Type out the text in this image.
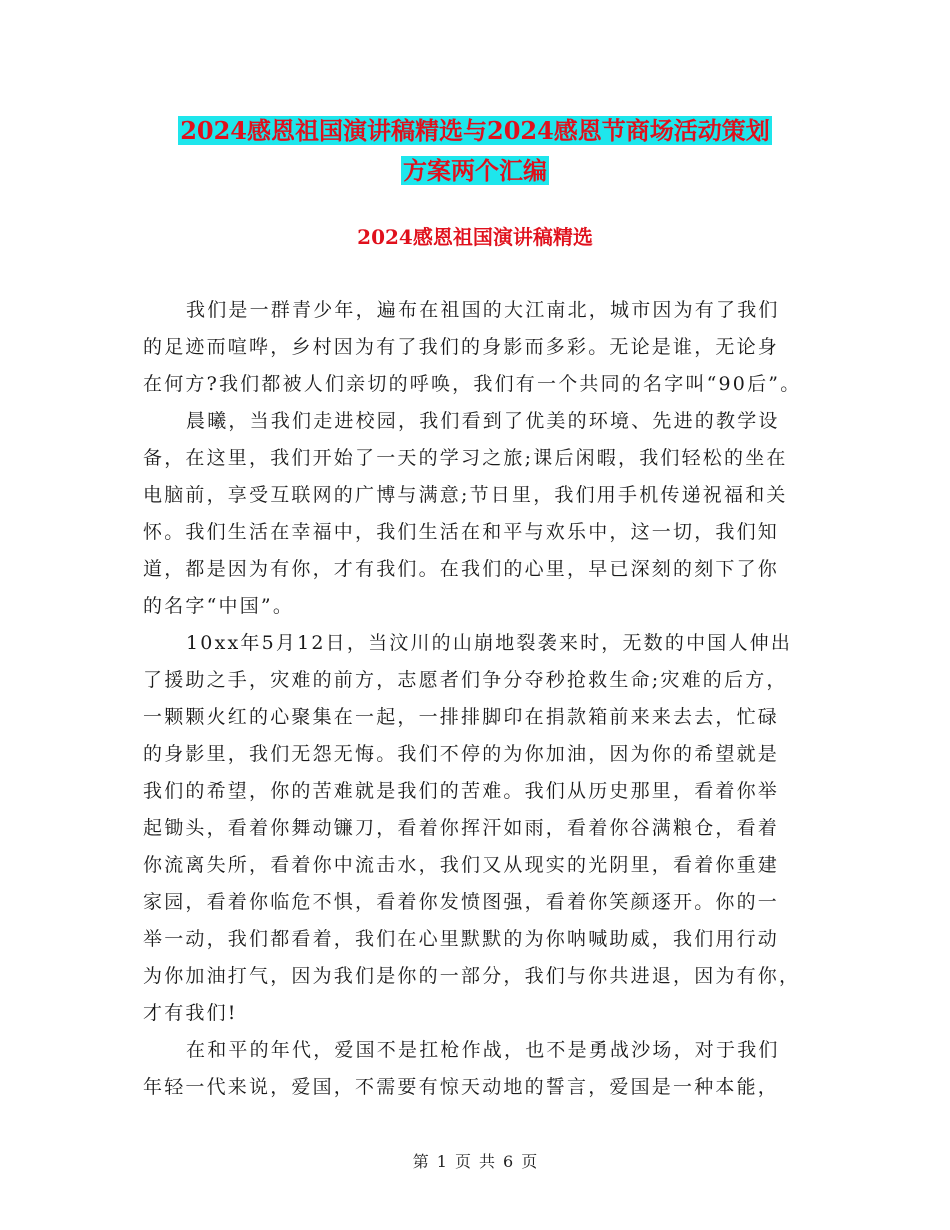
2024感恩祖国演讲稿精选与2024感恩节商场活动策划
方案两个汇编
2024感恩祖国演讲稿精选
我们是一群青少年，遍布在祖国的大江南北，城市因为有了我们
的足迹而喧哗，乡村因为有了我们的身影而多彩。无论是谁，无论身
在何方?我们都被人们亲切的呼唤，我们有一个共同的名字叫“90后”。
晨曦，当我们走进校园，我们看到了优美的环境、先进的教学设
备，在这里，我们开始了一天的学习之旅;课后闲暇，我们轻松的坐在
电脑前，享受互联网的广博与满意;节日里，我们用手机传递祝福和关
怀。我们生活在幸福中，我们生活在和平与欢乐中，这一切，我们知
道，都是因为有你，才有我们。在我们的心里，早已深刻的刻下了你
的名字“中国”。
10xx年5月12日，当汶川的山崩地裂袭来时，无数的中国人伸出
了援助之手，灾难的前方，志愿者们争分夺秒抢救生命;灾难的后方，
一颗颗火红的心聚集在一起，一排排脚印在捐款箱前来来去去，忙碌
的身影里，我们无怨无悔。我们不停的为你加油，因为你的希望就是
我们的希望，你的苦难就是我们的苦难。我们从历史那里，看着你举
起锄头，看着你舞动镰刀，看着你挥汗如雨，看着你谷满粮仓，看着
你流离失所，看着你中流击水，我们又从现实的光阴里，看着你重建
家园，看着你临危不惧，看着你发愤图强，看着你笑颜逐开。你的一
举一动，我们都看着，我们在心里默默的为你呐喊助威，我们用行动
为你加油打气，因为我们是你的一部分，我们与你共进退，因为有你，
才有我们!
在和平的年代，爱国不是扛枪作战，也不是勇战沙场，对于我们
年轻一代来说，爱国，不需要有惊天动地的誓言，爱国是一种本能，
第 1 页 共 6 页
